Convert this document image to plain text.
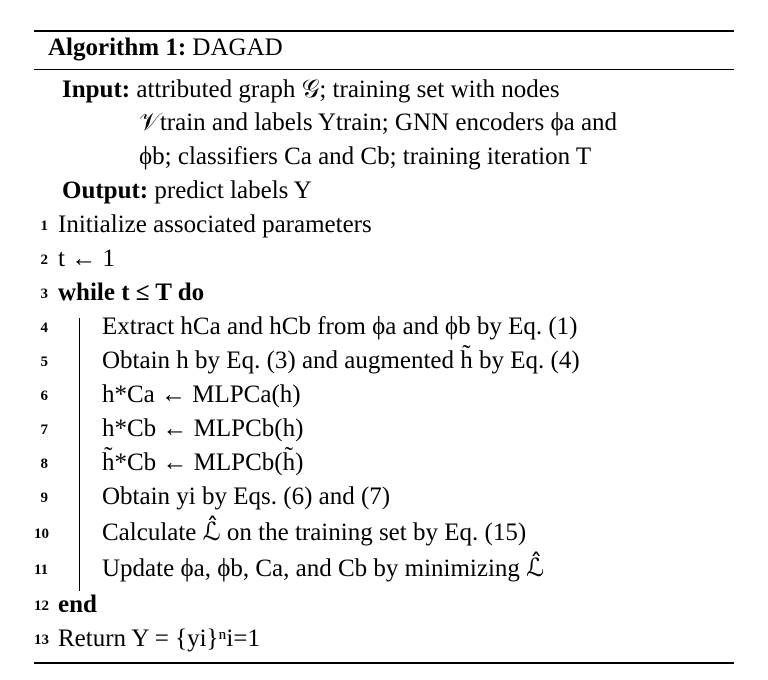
Algorithm 1: DAGAD
Input: attributed graph 𝒢; training set with nodes
𝒱train and labels Ytrain; GNN encoders ϕa and
ϕb; classifiers Ca and Cb; training iteration T
Output: predict labels Y
1 Initialize associated parameters
2 t ← 1
3 while t ≤ T do
4 Extract hCa and hCb from ϕa and ϕb by Eq. (1)
5 Obtain h by Eq. (3) and augmented h̃ by Eq. (4)
6 h*Ca ← MLPCa(h)
7 h*Cb ← MLPCb(h)
8 h̃*Cb ← MLPCb(h̃)
9 Obtain yi by Eqs. (6) and (7)
10 Calculate ℒ̂ on the training set by Eq. (15)
11 Update ϕa, ϕb, Ca, and Cb by minimizing ℒ̂
12 end
13 Return Y = {yi}ⁿi=1
